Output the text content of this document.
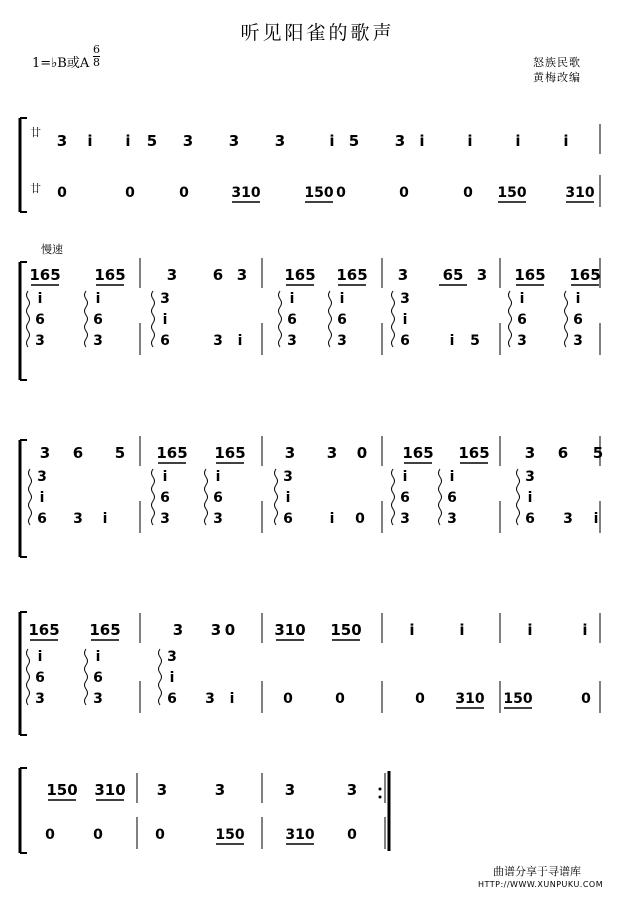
听见阳雀的歌声
1=♭B或A $\frac{6}{8}$	怒族民歌
黄梅改编
慢速
曲谱分享于寻谱库
HTTP://WWW.XUNPUKU.COM
廿
廿
3 i i 5 3 3 3	i 5 3 i	i	i	i
0	0	0	310	150 0	0	0 150	310
165 165	3 6 3 165 165 3 65 3 165 165
i
6
3
i
6
3
3
i
6	3 i
i
6
3
i
6
3
3
i
6	i 5
i
6
3
i
6
3
3 6 5 165 165	3 3 0 165 165 3 6 5
3
i
6 3 i
i
6
3
i
6
3
3
i
6	i 0
i
6
3
i
6
3
3
i
6 3 i
165 165	3 3 0	310 150	i	i	i	i
i
6
3
i
6
3
3
i
6 3 i	0	0	0 310 150	0
150 310 3	3	3	3
0	0	0	150	310 0
